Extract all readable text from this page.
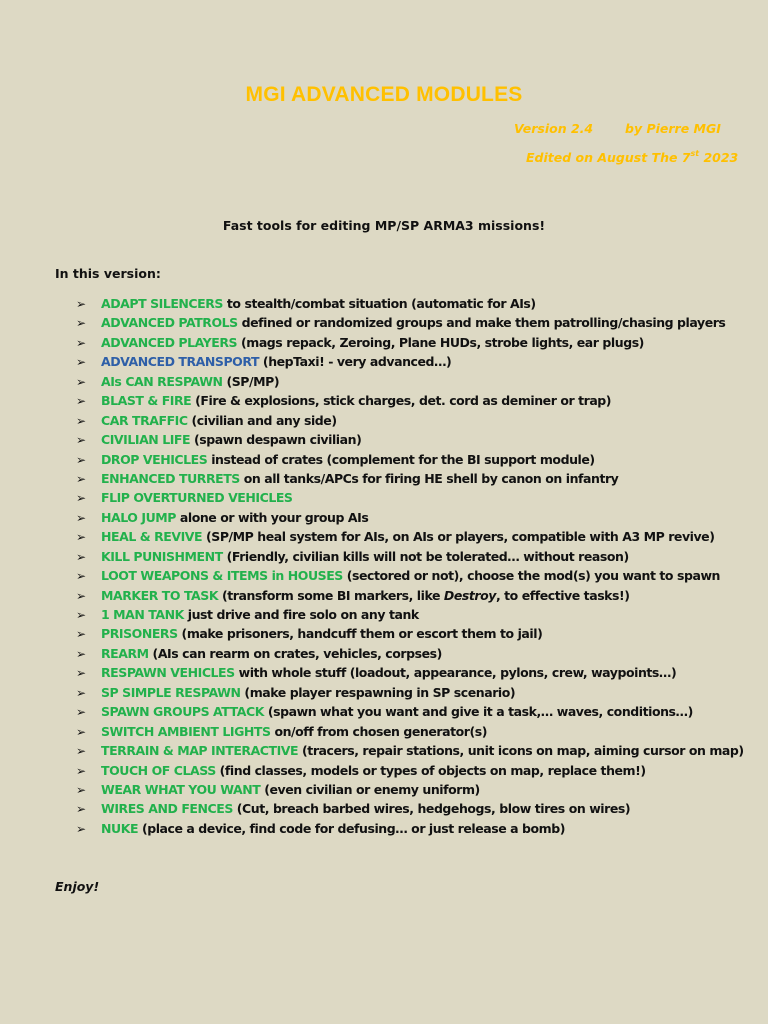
MGI ADVANCED MODULES
Version 2.4	by Pierre MGI
Edited on August The 7st 2023
Fast tools for editing MP/SP ARMA3 missions!
In this version:
➢ ADAPT SILENCERS to stealth/combat situation (automatic for AIs)
➢ ADVANCED PATROLS defined or randomized groups and make them patrolling/chasing players
➢ ADVANCED PLAYERS (mags repack, Zeroing, Plane HUDs, strobe lights, ear plugs)
➢ ADVANCED TRANSPORT (hepTaxi! - very advanced…)
➢ AIs CAN RESPAWN (SP/MP)
➢ BLAST & FIRE (Fire & explosions, stick charges, det. cord as deminer or trap)
➢ CAR TRAFFIC (civilian and any side)
➢ CIVILIAN LIFE (spawn despawn civilian)
➢ DROP VEHICLES instead of crates (complement for the BI support module)
➢ ENHANCED TURRETS on all tanks/APCs for firing HE shell by canon on infantry
➢ FLIP OVERTURNED VEHICLES
➢ HALO JUMP alone or with your group AIs
➢ HEAL & REVIVE (SP/MP heal system for AIs, on AIs or players, compatible with A3 MP revive)
➢ KILL PUNISHMENT (Friendly, civilian kills will not be tolerated… without reason)
➢ LOOT WEAPONS & ITEMS in HOUSES (sectored or not), choose the mod(s) you want to spawn
➢ MARKER TO TASK (transform some BI markers, like Destroy, to effective tasks!)
➢ 1 MAN TANK just drive and fire solo on any tank
➢ PRISONERS (make prisoners, handcuff them or escort them to jail)
➢ REARM (AIs can rearm on crates, vehicles, corpses)
➢ RESPAWN VEHICLES with whole stuff (loadout, appearance, pylons, crew, waypoints…)
➢ SP SIMPLE RESPAWN (make player respawning in SP scenario)
➢ SPAWN GROUPS ATTACK (spawn what you want and give it a task,… waves, conditions…)
➢ SWITCH AMBIENT LIGHTS on/off from chosen generator(s)
➢ TERRAIN & MAP INTERACTIVE (tracers, repair stations, unit icons on map, aiming cursor on map)
➢ TOUCH OF CLASS (find classes, models or types of objects on map, replace them!)
➢ WEAR WHAT YOU WANT (even civilian or enemy uniform)
➢ WIRES AND FENCES (Cut, breach barbed wires, hedgehogs, blow tires on wires)
➢ NUKE (place a device, find code for defusing… or just release a bomb)
Enjoy!
